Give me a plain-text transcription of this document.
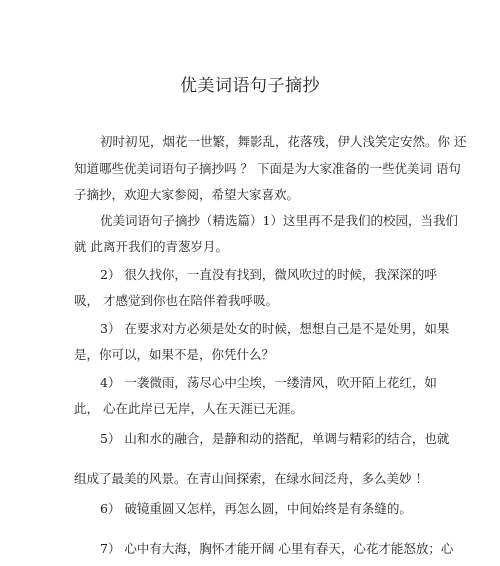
优美词语句子摘抄
初时初见，烟花一世繁，舞影乱，花落残，伊人浅笑定安然。你 还
知道哪些优美词语句子摘抄吗 ？ 下面是为大家准备的一些优美词 语句
子摘抄，欢迎大家参阅，希望大家喜欢。
优美词语句子摘抄（精选篇）1）这里再不是我们的校园，当我们
就 此离开我们的青葱岁月。
2） 很久找你，一直没有找到，微风吹过的时候，我深深的呼
吸， 才感觉到你也在陪伴着我呼吸。
3） 在要求对方必须是处女的时候，想想自己是不是处男，如果
是，你可以，如果不是，你凭什么？
4） 一袭微雨，荡尽心中尘埃，一缕清风，吹开陌上花红，如
此， 心在此岸已无岸，人在天涯已无涯。
5） 山和水的融合，是静和动的搭配，单调与精彩的结合，也就
组成了最美的风景。在青山间探索，在绿水间泛舟，多么美妙 ！
6） 破镜重圆又怎样，再怎么圆，中间始终是有条缝的。
7） 心中有大海，胸怀才能开阔 心里有春天，心花才能怒放；心
